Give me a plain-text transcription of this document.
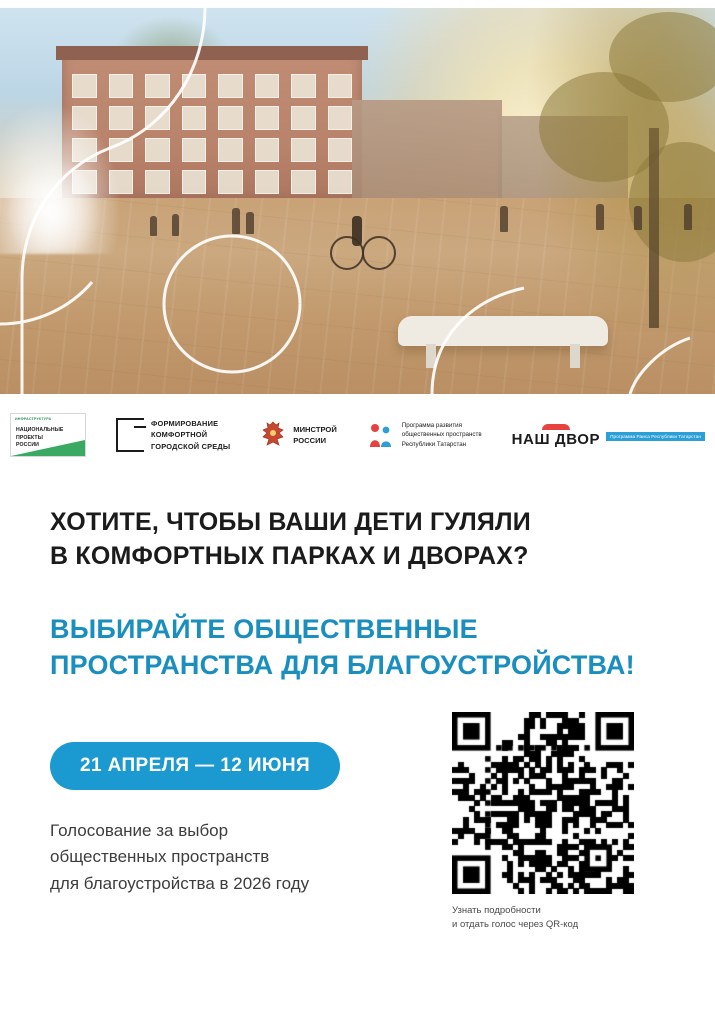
ИНФРАСТРУКТУРА
НАЦИОНАЛЬНЫЕ
ПРОЕКТЫ
РОССИИ
ФОРМИРОВАНИЕ
КОМФОРТНОЙ
ГОРОДСКОЙ СРЕДЫ
МИНСТРОЙ
РОССИИ
Программа развития
общественных пространств
Республики Татарстан	НАШ ДВОР	Программа Раиса Республики Татарстан
ХОТИТЕ, ЧТОБЫ ВАШИ ДЕТИ ГУЛЯЛИ
В КОМФОРТНЫХ ПАРКАХ И ДВОРАХ?
ВЫБИРАЙТЕ ОБЩЕСТВЕННЫЕ
ПРОСТРАНСТВА ДЛЯ БЛАГОУСТРОЙСТВА!
21 АПРЕЛЯ — 12 ИЮНЯ
Голосование за выбор
общественных пространств
для благоустройства в 2026 году
Узнать подробности
и отдать голос через QR-код
